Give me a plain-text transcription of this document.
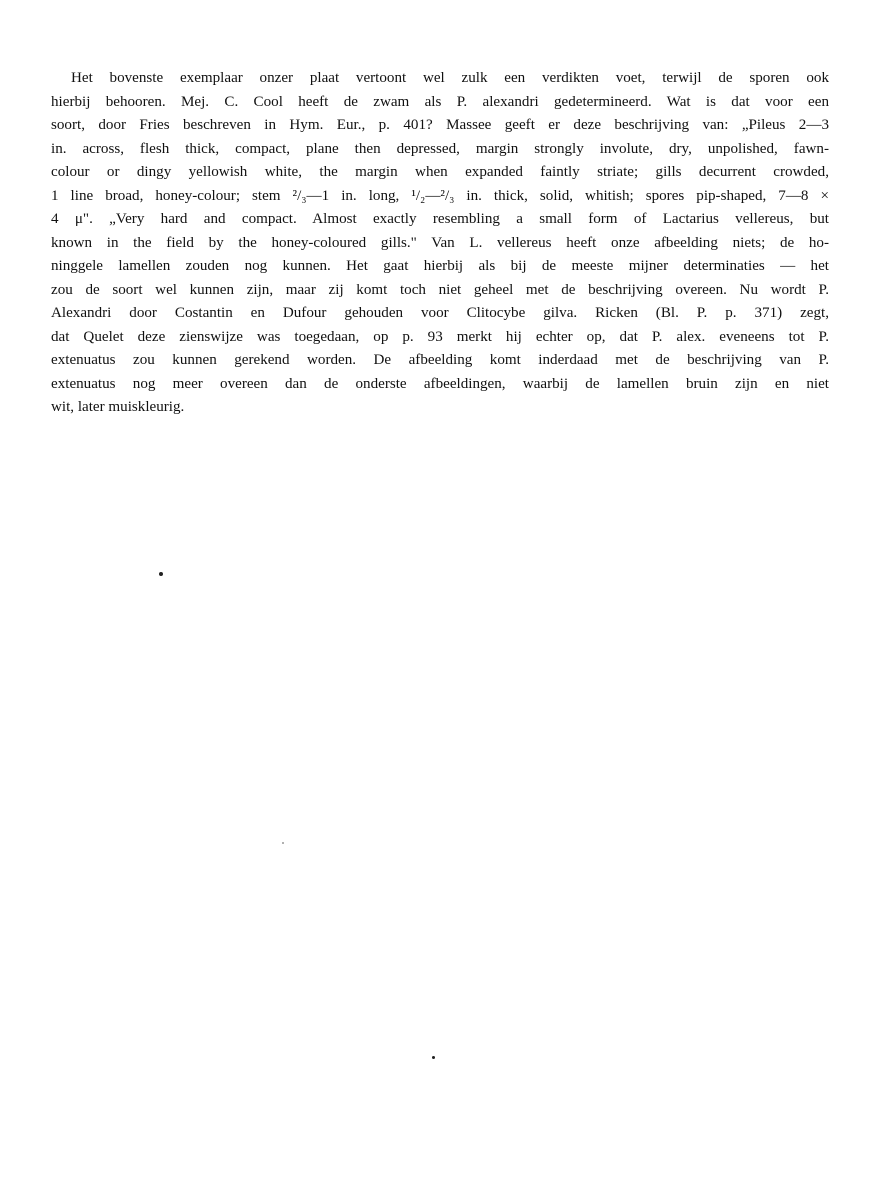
Het bovenste exemplaar onzer plaat vertoont wel zulk een verdikten voet, terwijl de sporen ook
hierbij behooren. Mej. C. Cool heeft de zwam als P. alexandri gedetermineerd. Wat is dat voor een
soort, door Fries beschreven in Hym. Eur., p. 401? Massee geeft er deze beschrijving van: „Pileus 2—3
in. across, flesh thick, compact, plane then depressed, margin strongly involute, dry, unpolished, fawn-
colour or dingy yellowish white, the margin when expanded faintly striate; gills decurrent crowded,
1 line broad, honey-colour; stem ²/₃—1 in. long, ¹/₂—²/₃ in. thick, solid, whitish; spores pip-shaped, 7—8 ×
4 μ". „Very hard and compact. Almost exactly resembling a small form of Lactarius vellereus, but
known in the field by the honey-coloured gills." Van L. vellereus heeft onze afbeelding niets; de ho-
ninggele lamellen zouden nog kunnen. Het gaat hierbij als bij de meeste mijner determinaties — het
zou de soort wel kunnen zijn, maar zij komt toch niet geheel met de beschrijving overeen. Nu wordt P.
Alexandri door Costantin en Dufour gehouden voor Clitocybe gilva. Ricken (Bl. P. p. 371) zegt,
dat Quelet deze zienswijze was toegedaan, op p. 93 merkt hij echter op, dat P. alex. eveneens tot P.
extenuatus zou kunnen gerekend worden. De afbeelding komt inderdaad met de beschrijving van P.
extenuatus nog meer overeen dan de onderste afbeeldingen, waarbij de lamellen bruin zijn en niet
wit, later muiskleurig.
